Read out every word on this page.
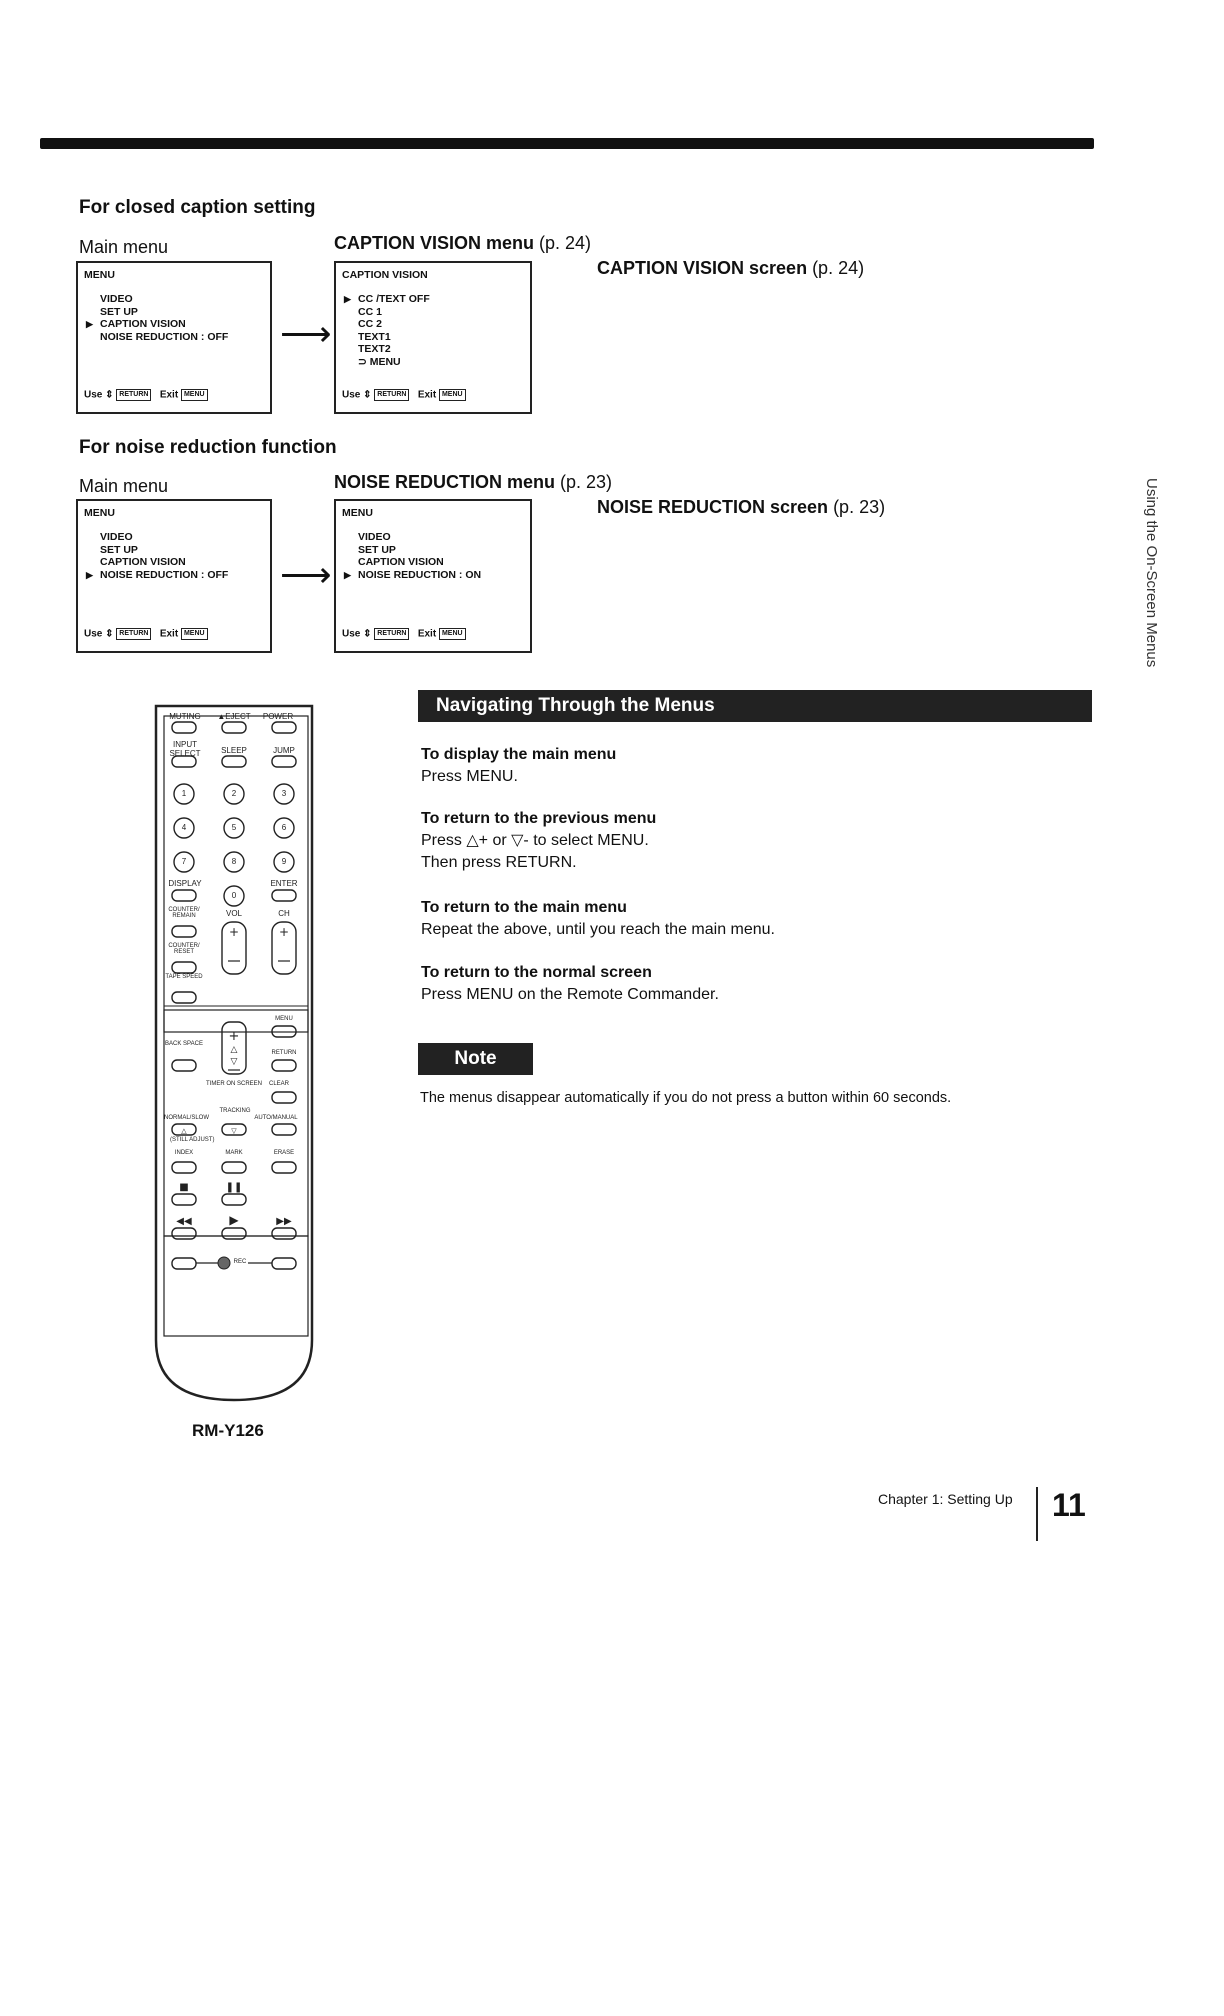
For closed caption setting
Main menu	CAPTION VISION menu (p. 24)
CAPTION VISION screen (p. 24)
MENU
VIDEO
SET UP
▶ CAPTION VISION
NOISE REDUCTION : OFF
Use ⇕ RETURN Exit MENU
⟶
CAPTION VISION
▶ CC /TEXT OFF
CC 1
CC 2
TEXT1
TEXT2
⊃ MENU
Use ⇕ RETURN Exit MENU
For noise reduction function
Main menu	NOISE REDUCTION menu (p. 23)
NOISE REDUCTION screen (p. 23)
MENU
VIDEO
SET UP
CAPTION VISION
▶ NOISE REDUCTION : OFF
Use ⇕ RETURN Exit MENU
⟶
MENU
VIDEO
SET UP
CAPTION VISION
▶ NOISE REDUCTION : ON
Use ⇕ RETURN Exit MENU	Using the On-Screen Menus
+	+
+
△
▽
△	▽
■	❚❚
◀◀	▶	▶▶
MUTING	▲EJECT	POWER
INPUT SELECT	SLEEP	JUMP
1	2	3
4	5	6
7	8	9
0
DISPLAY	ENTER
COUNTER/ REMAIN	VOL	CH
COUNTER/ RESET
TAPE SPEED
MENU
BACK SPACE
RETURN
TIMER ON SCREEN	CLEAR
TRACKING
NORMAL/SLOW	AUTO/MANUAL
(STILL ADJUST)
INDEX	MARK	ERASE
REC
RM-Y126
Navigating Through the Menus
To display the main menu
Press MENU.
To return to the previous menu
Press △+ or ▽- to select MENU.
Then press RETURN.
To return to the main menu
Repeat the above, until you reach the main menu.
To return to the normal screen
Press MENU on the Remote Commander.
Note
The menus disappear automatically if you do not press a button within 60 seconds.
Chapter 1: Setting Up 11
